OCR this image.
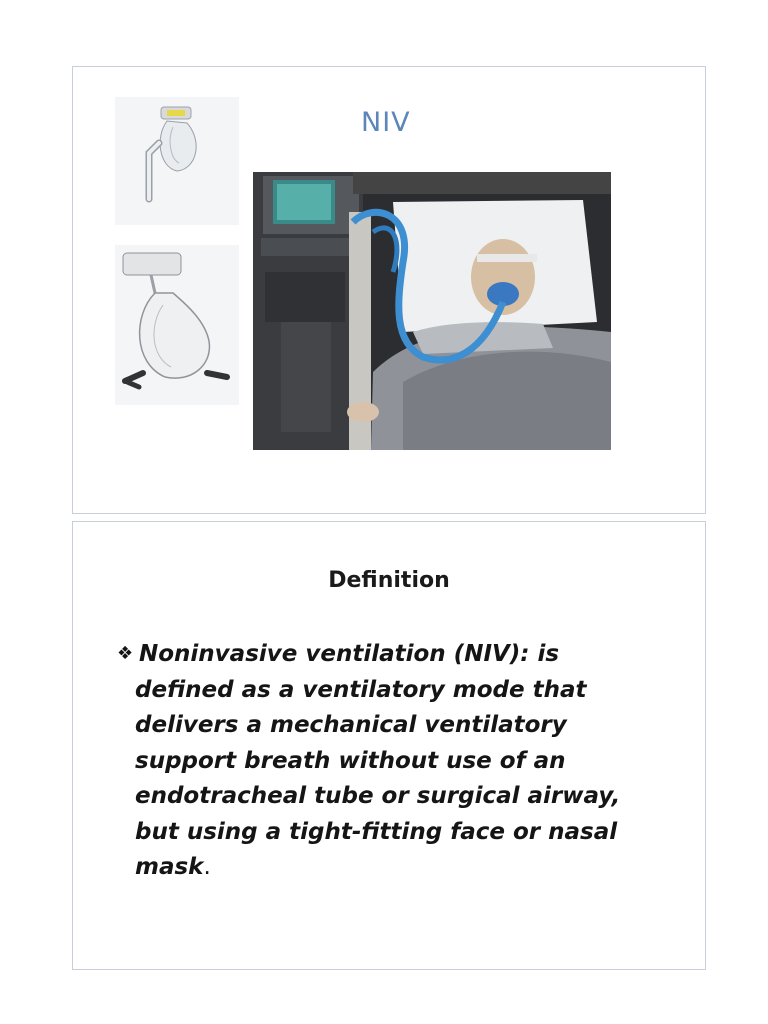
NIV
Definition
❖ Noninvasive ventilation (NIV): is
defined as a ventilatory mode that
delivers a mechanical ventilatory
support breath without use of an
endotracheal tube or surgical airway,
but using a tight-fitting face or nasal
mask.
